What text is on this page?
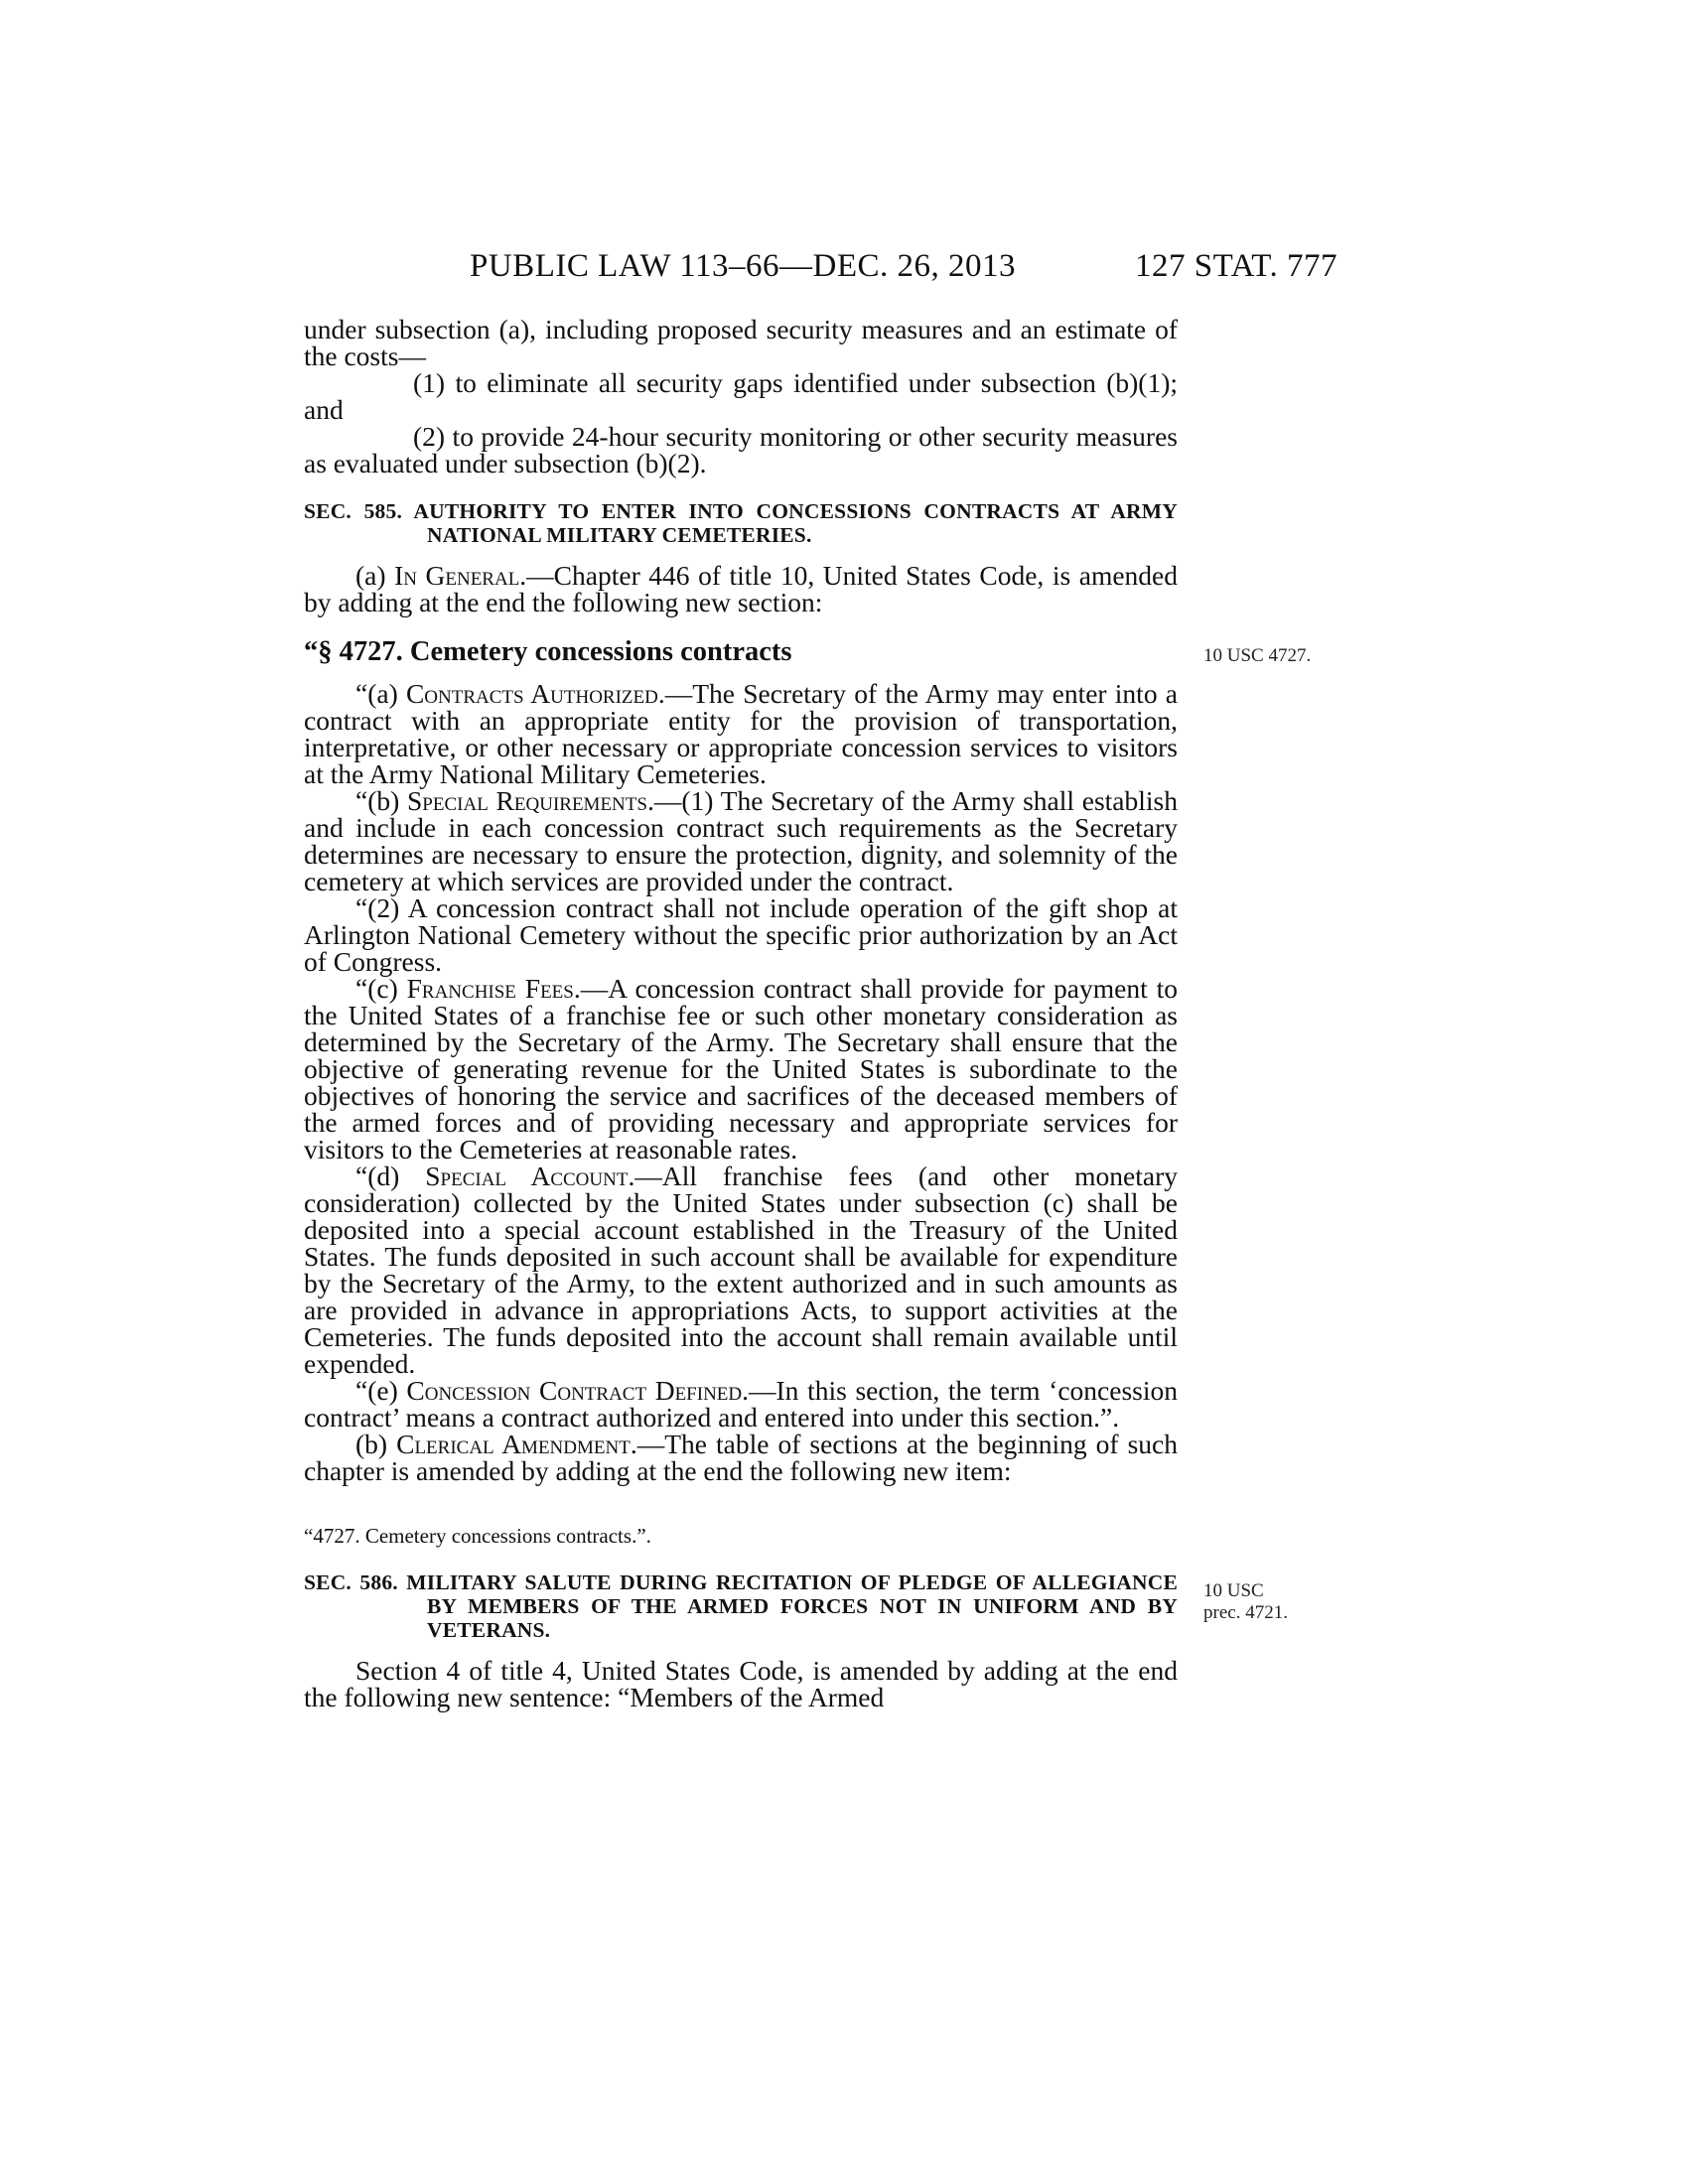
PUBLIC LAW 113–66—DEC. 26, 2013	127 STAT. 777

under subsection (a), including proposed security measures and an estimate of the costs—

(1) to eliminate all security gaps identified under subsection (b)(1); and

(2) to provide 24-hour security monitoring or other security measures as evaluated under subsection (b)(2).

SEC. 585. AUTHORITY TO ENTER INTO CONCESSIONS CONTRACTS AT ARMY NATIONAL MILITARY CEMETERIES.

(a) In General.—Chapter 446 of title 10, United States Code, is amended by adding at the end the following new section:

“§ 4727. Cemetery concessions contracts

“(a) Contracts Authorized.—The Secretary of the Army may enter into a contract with an appropriate entity for the provision of transportation, interpretative, or other necessary or appropriate concession services to visitors at the Army National Military Cemeteries.

“(b) Special Requirements.—(1) The Secretary of the Army shall establish and include in each concession contract such requirements as the Secretary determines are necessary to ensure the protection, dignity, and solemnity of the cemetery at which services are provided under the contract.

“(2) A concession contract shall not include operation of the gift shop at Arlington National Cemetery without the specific prior authorization by an Act of Congress.

“(c) Franchise Fees.—A concession contract shall provide for payment to the United States of a franchise fee or such other monetary consideration as determined by the Secretary of the Army. The Secretary shall ensure that the objective of generating revenue for the United States is subordinate to the objectives of honoring the service and sacrifices of the deceased members of the armed forces and of providing necessary and appropriate services for visitors to the Cemeteries at reasonable rates.

“(d) Special Account.—All franchise fees (and other monetary consideration) collected by the United States under subsection (c) shall be deposited into a special account established in the Treasury of the United States. The funds deposited in such account shall be available for expenditure by the Secretary of the Army, to the extent authorized and in such amounts as are provided in advance in appropriations Acts, to support activities at the Cemeteries. The funds deposited into the account shall remain available until expended.

“(e) Concession Contract Defined.—In this section, the term ‘concession contract’ means a contract authorized and entered into under this section.”.

(b) Clerical Amendment.—The table of sections at the beginning of such chapter is amended by adding at the end the following new item:

“4727. Cemetery concessions contracts.”.

SEC. 586. MILITARY SALUTE DURING RECITATION OF PLEDGE OF ALLEGIANCE BY MEMBERS OF THE ARMED FORCES NOT IN UNIFORM AND BY VETERANS.

Section 4 of title 4, United States Code, is amended by adding at the end the following new sentence: “Members of the Armed

10 USC 4727.
10 USC
prec. 4721.
